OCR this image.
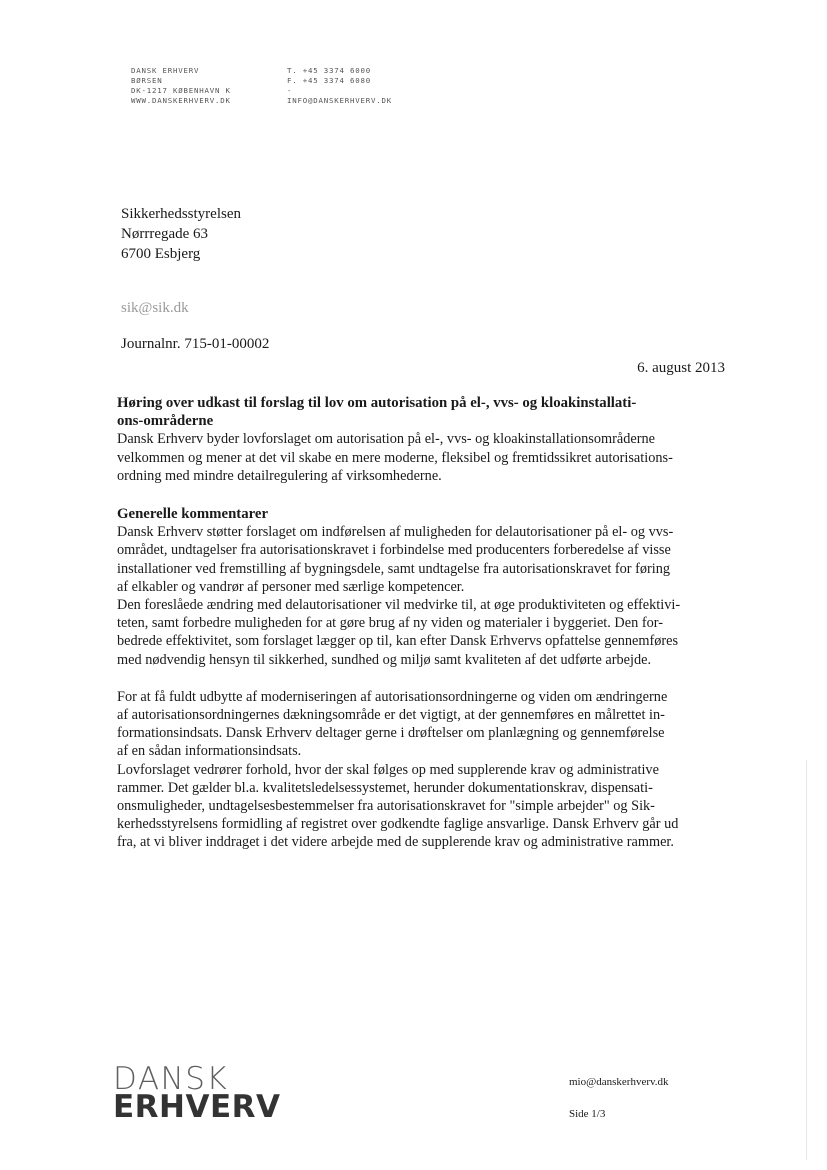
DANSK ERHVERV
BØRSEN
DK-1217 KØBENHAVN K
WWW.DANSKERHVERV.DK
T. +45 3374 6000
F. +45 3374 6080
-
INFO@DANSKERHVERV.DK
Sikkerhedsstyrelsen
Nørrregade 63
6700 Esbjerg
sik@sik.dk
Journalnr. 715-01-00002
6. august 2013

Høring over udkast til forslag til lov om autorisation på el-, vvs- og kloakinstallati-
ons-områderne

Dansk Erhverv byder lovforslaget om autorisation på el-, vvs- og kloakinstallationsområderne
velkommen og mener at det vil skabe en mere moderne, fleksibel og fremtidssikret autorisations-
ordning med mindre detailregulering af virksomhederne.

Generelle kommentarer

Dansk Erhverv støtter forslaget om indførelsen af muligheden for delautorisationer på el- og vvs-
området, undtagelser fra autorisationskravet i forbindelse med producenters forberedelse af visse
installationer ved fremstilling af bygningsdele, samt undtagelse fra autorisationskravet for føring
af elkabler og vandrør af personer med særlige kompetencer.

Den foreslåede ændring med delautorisationer vil medvirke til, at øge produktiviteten og effektivi-
teten, samt forbedre muligheden for at gøre brug af ny viden og materialer i byggeriet. Den for-
bedrede effektivitet, som forslaget lægger op til, kan efter Dansk Erhvervs opfattelse gennemføres
med nødvendig hensyn til sikkerhed, sundhed og miljø samt kvaliteten af det udførte arbejde.

For at få fuldt udbytte af moderniseringen af autorisationsordningerne og viden om ændringerne
af autorisationsordningernes dækningsområde er det vigtigt, at der gennemføres en målrettet in-
formationsindsats. Dansk Erhverv deltager gerne i drøftelser om planlægning og gennemførelse
af en sådan informationsindsats.

Lovforslaget vedrører forhold, hvor der skal følges op med supplerende krav og administrative
rammer. Det gælder bl.a. kvalitetsledelsessystemet, herunder dokumentationskrav, dispensati-
onsmuligheder, undtagelsesbestemmelser fra autorisationskravet for "simple arbejder" og Sik-
kerhedsstyrelsens formidling af registret over godkendte faglige ansvarlige. Dansk Erhverv går ud
fra, at vi bliver inddraget i det videre arbejde med de supplerende krav og administrative rammer.

DANSK
ERHVERV
mio@danskerhverv.dk
Side 1/3
